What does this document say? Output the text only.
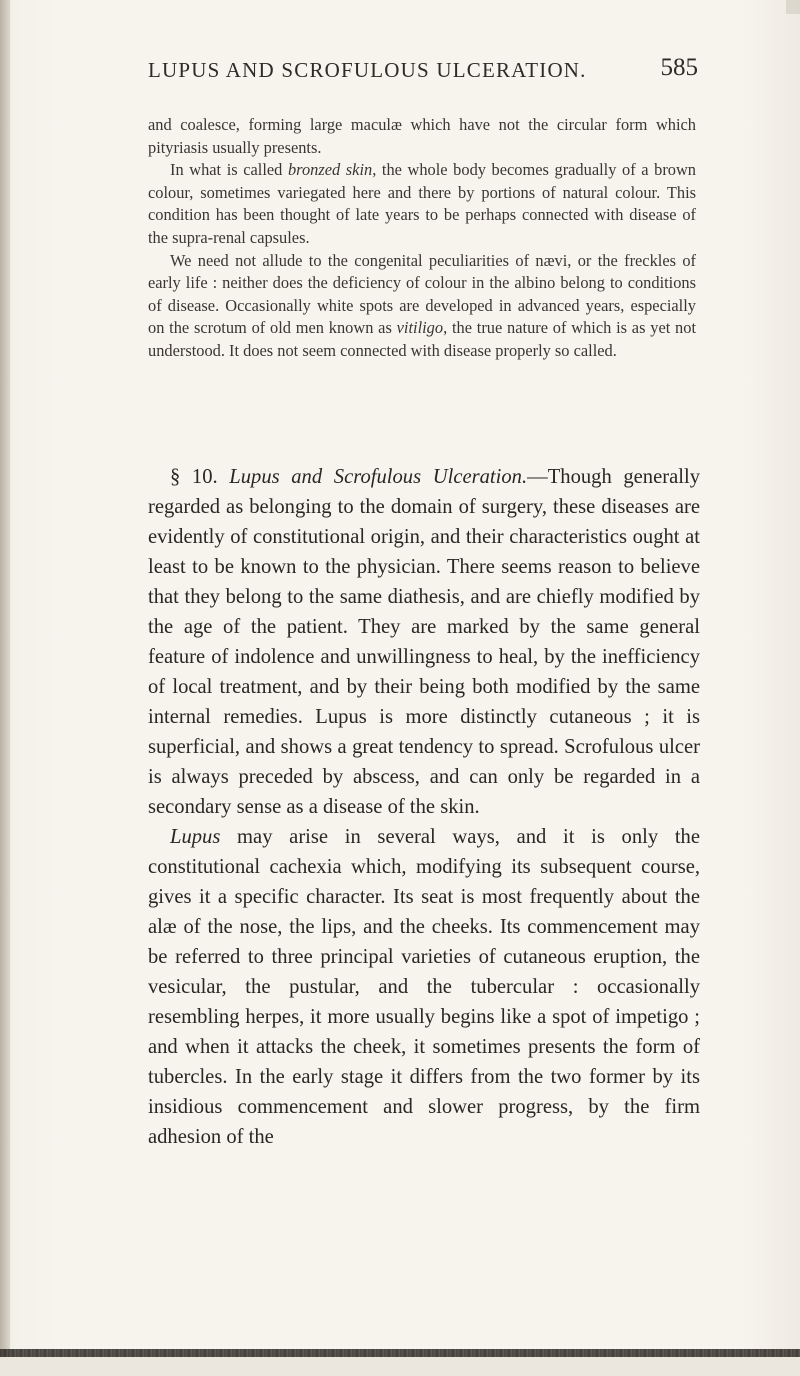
LUPUS AND SCROFULOUS ULCERATION.	585

and coalesce, forming large maculæ which have not the circular form which pityriasis usually presents.

In what is called bronzed skin, the whole body becomes gradually of a brown colour, sometimes variegated here and there by portions of natural colour. This condition has been thought of late years to be perhaps connected with disease of the supra-renal capsules.

We need not allude to the congenital peculiarities of nævi, or the freckles of early life : neither does the deficiency of colour in the albino belong to conditions of disease. Occasionally white spots are developed in advanced years, especially on the scrotum of old men known as vitiligo, the true nature of which is as yet not understood. It does not seem connected with disease properly so called.

§ 10. Lupus and Scrofulous Ulceration.—Though generally regarded as belonging to the domain of surgery, these diseases are evidently of constitutional origin, and their characteristics ought at least to be known to the physician. There seems reason to believe that they belong to the same diathesis, and are chiefly modified by the age of the patient. They are marked by the same general feature of indolence and unwillingness to heal, by the inefficiency of local treatment, and by their being both modified by the same internal remedies. Lupus is more distinctly cutaneous ; it is superficial, and shows a great tendency to spread. Scrofulous ulcer is always preceded by abscess, and can only be regarded in a secondary sense as a disease of the skin.

Lupus may arise in several ways, and it is only the constitutional cachexia which, modifying its subsequent course, gives it a specific character. Its seat is most frequently about the alæ of the nose, the lips, and the cheeks. Its commencement may be referred to three principal varieties of cutaneous eruption, the vesicular, the pustular, and the tubercular : occasionally resembling herpes, it more usually begins like a spot of impetigo ; and when it attacks the cheek, it sometimes presents the form of tubercles. In the early stage it differs from the two former by its insidious commencement and slower progress, by the firm adhesion of the
